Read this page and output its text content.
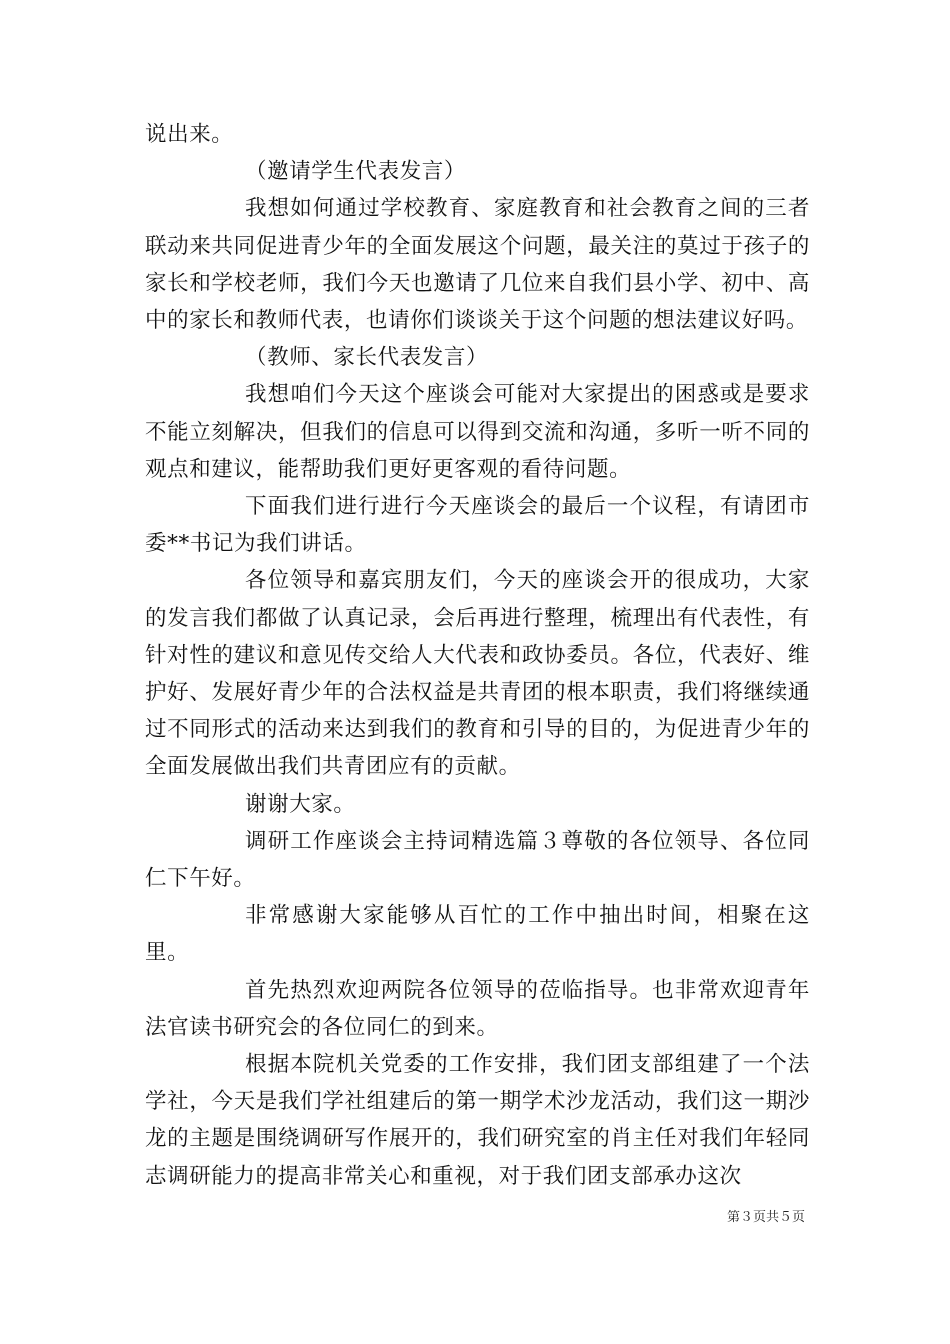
说出来。

（邀请学生代表发言）

我想如何通过学校教育、家庭教育和社会教育之间的三者联动来共同促进青少年的全面发展这个问题，最关注的莫过于孩子的家长和学校老师，我们今天也邀请了几位来自我们县小学、初中、高中的家长和教师代表，也请你们谈谈关于这个问题的想法建议好吗。

（教师、家长代表发言）

我想咱们今天这个座谈会可能对大家提出的困惑或是要求不能立刻解决，但我们的信息可以得到交流和沟通，多听一听不同的观点和建议，能帮助我们更好更客观的看待问题。

下面我们进行进行今天座谈会的最后一个议程，有请团市委**书记为我们讲话。

各位领导和嘉宾朋友们，今天的座谈会开的很成功，大家的发言我们都做了认真记录，会后再进行整理，梳理出有代表性，有针对性的建议和意见传交给人大代表和政协委员。各位，代表好、维护好、发展好青少年的合法权益是共青团的根本职责，我们将继续通过不同形式的活动来达到我们的教育和引导的目的，为促进青少年的全面发展做出我们共青团应有的贡献。

谢谢大家。

调研工作座谈会主持词精选篇３尊敬的各位领导、各位同仁下午好。

非常感谢大家能够从百忙的工作中抽出时间，相聚在这里。

首先热烈欢迎两院各位领导的莅临指导。也非常欢迎青年法官读书研究会的各位同仁的到来。

根据本院机关党委的工作安排，我们团支部组建了一个法学社，今天是我们学社组建后的第一期学术沙龙活动，我们这一期沙龙的主题是围绕调研写作展开的，我们研究室的肖主任对我们年轻同志调研能力的提高非常关心和重视，对于我们团支部承办这次

第３页共５页
